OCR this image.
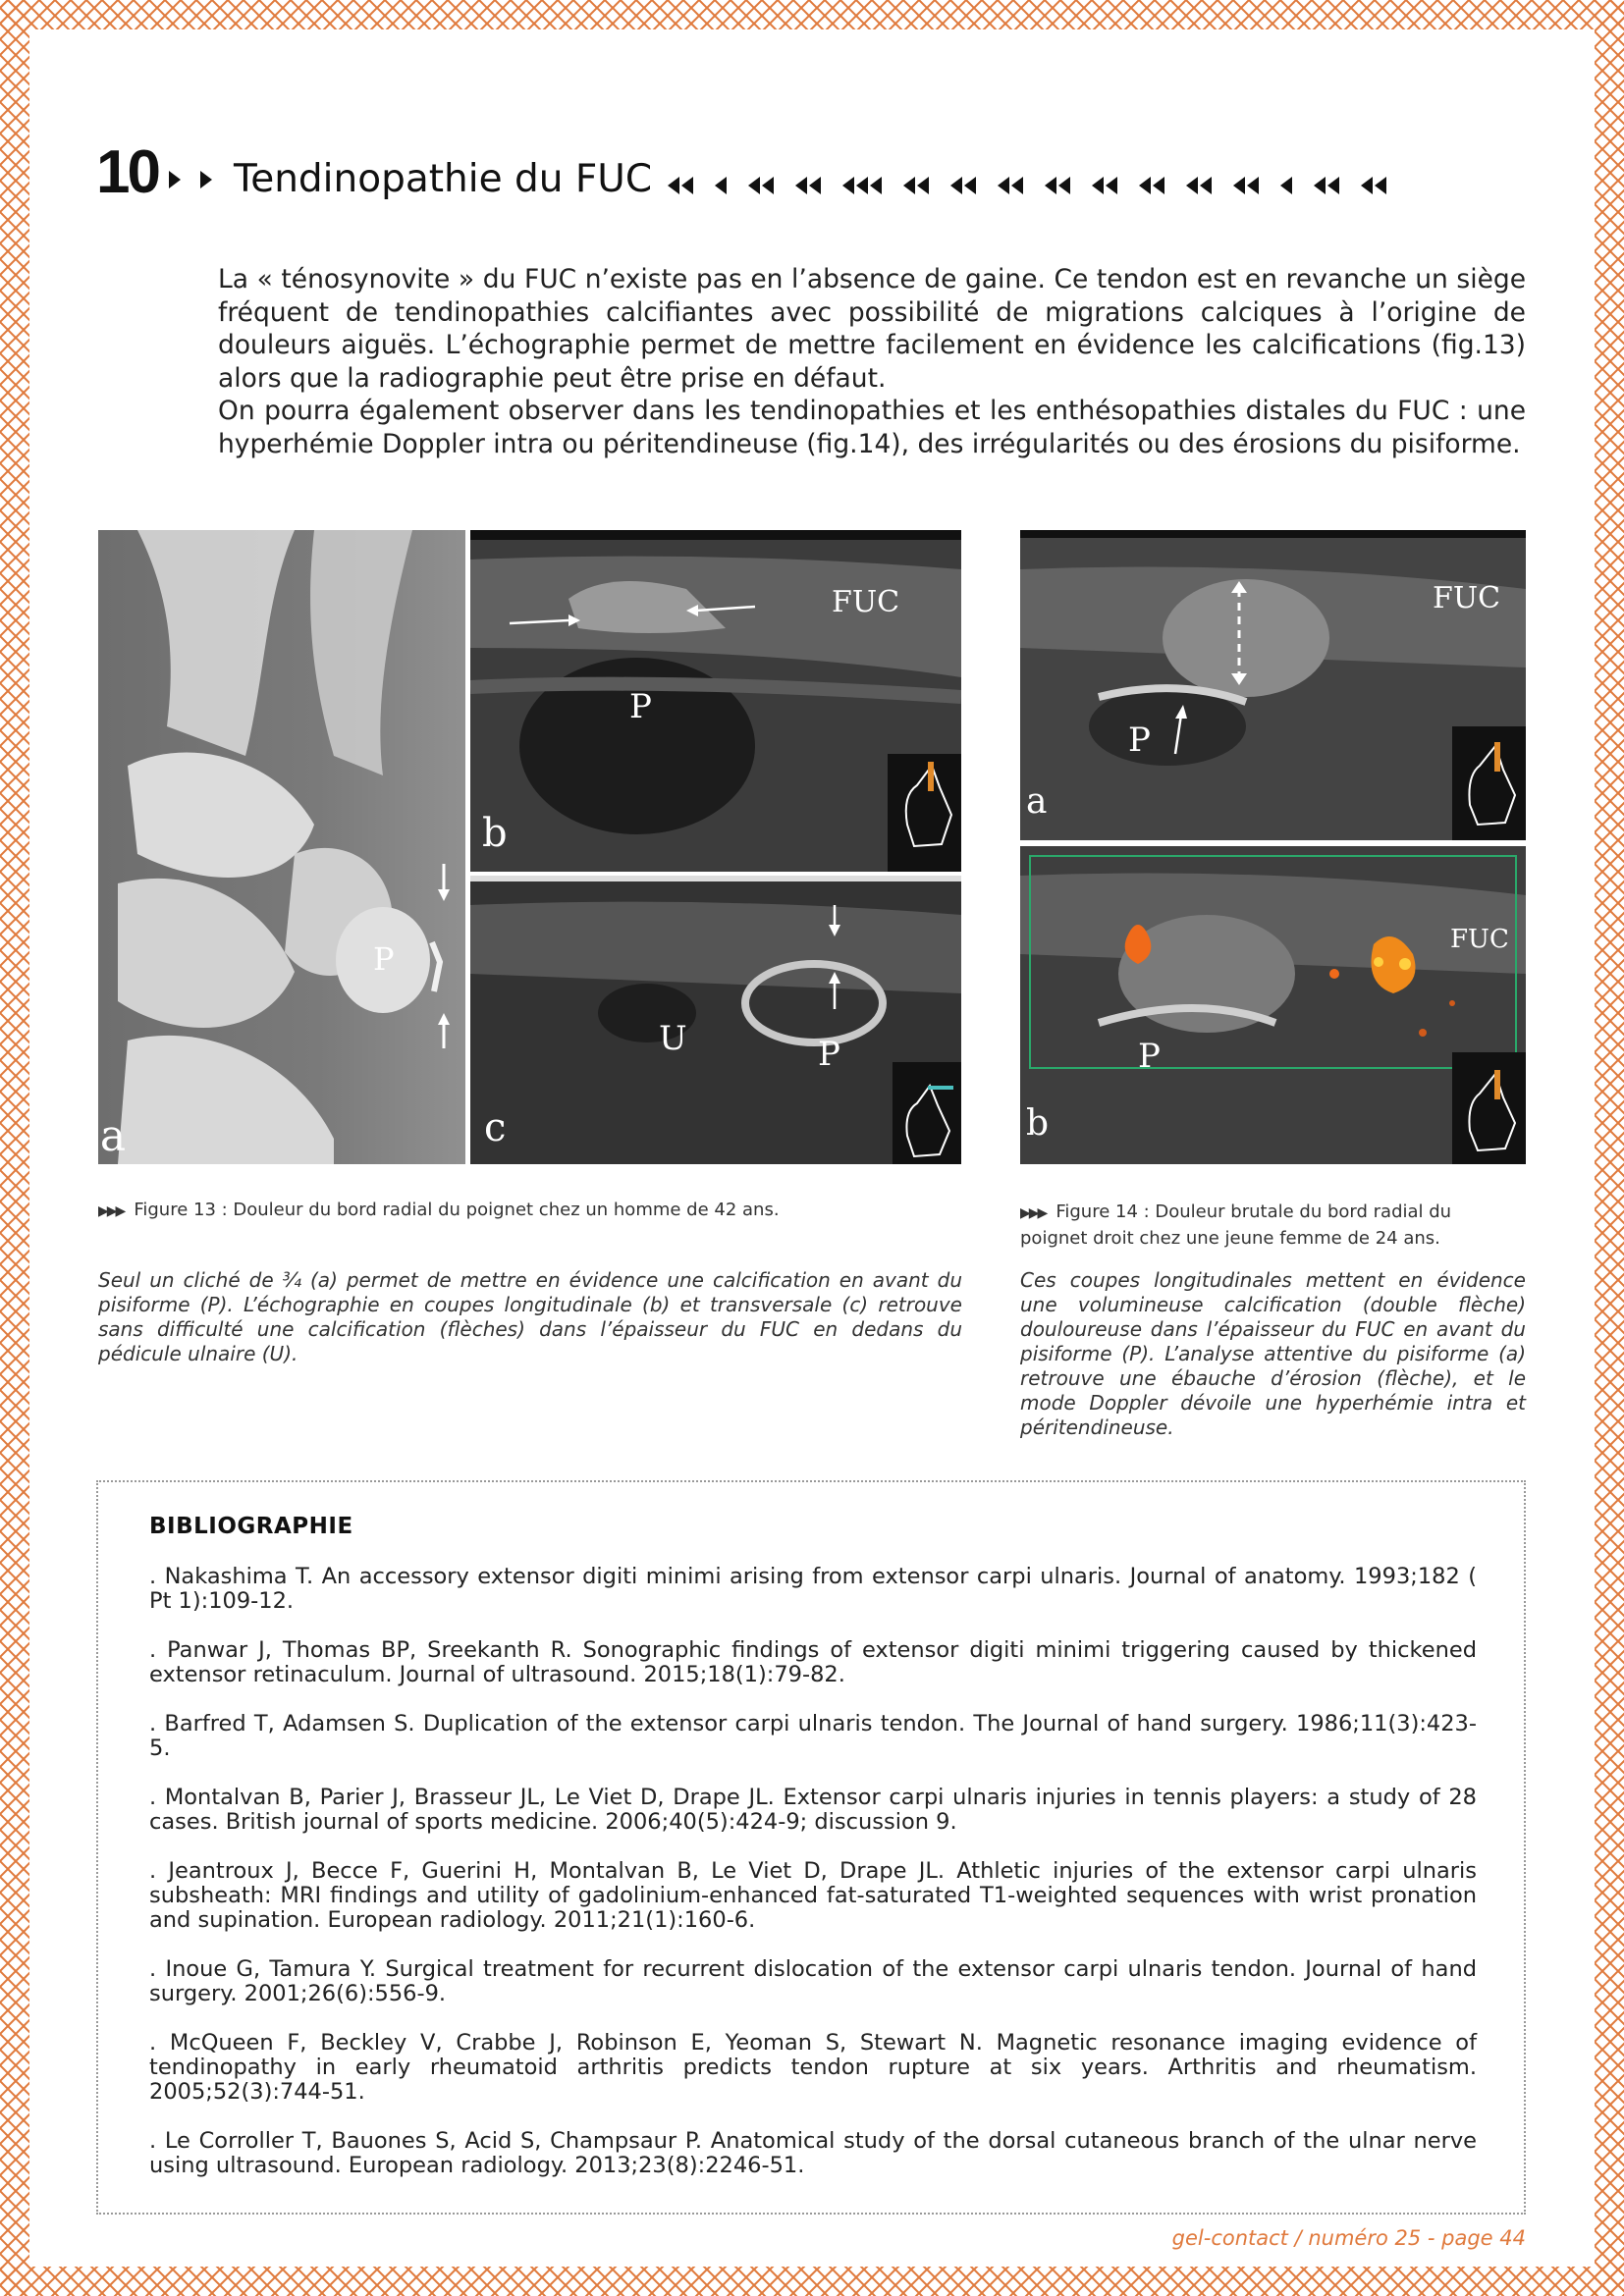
10 Tendinopathie du FUC

La « ténosynovite » du FUC n’existe pas en l’absence de gaine. Ce tendon est en revanche un siège fréquent de tendinopathies calcifiantes avec possibilité de migrations calciques à l’origine de douleurs aiguës. L’échographie permet de mettre facilement en évidence les calcifications (fig.13) alors que la radiographie peut être prise en défaut.

On pourra également observer dans les tendinopathies et les enthésopathies distales du FUC : une hyperhémie Doppler intra ou péritendineuse (fig.14), des irrégularités ou des érosions du pisiforme.

P
a
FUC
P
b
U	P
c
FUC
P
a
FUC
P
b
▶▶▶ Figure 13 : Douleur du bord radial du poignet chez un homme de 42 ans.
Seul un cliché de ¾ (a) permet de mettre en évidence une calcification en avant du pisiforme (P). L’échographie en coupes longitudinale (b) et transversale (c) retrouve sans difficulté une calcification (flèches) dans l’épaisseur du FUC en dedans du pédicule ulnaire (U).
▶▶▶ Figure 14 : Douleur brutale du bord radial du
poignet droit chez une jeune femme de 24 ans.
Ces coupes longitudinales mettent en évidence une volumineuse calcification (double flèche) douloureuse dans l’épaisseur du FUC en avant du pisiforme (P). L’analyse attentive du pisiforme (a) retrouve une ébauche d’érosion (flèche), et le mode Doppler dévoile une hyperhémie intra et péritendineuse.
BIBLIOGRAPHIE
. Nakashima T. An accessory extensor digiti minimi arising from extensor carpi ulnaris. Journal of anatomy. 1993;182 ( Pt 1):109-12.
. Panwar J, Thomas BP, Sreekanth R. Sonographic findings of extensor digiti minimi triggering caused by thickened extensor retinaculum. Journal of ultrasound. 2015;18(1):79-82.
. Barfred T, Adamsen S. Duplication of the extensor carpi ulnaris tendon. The Journal of hand surgery. 1986;11(3):423-5.
. Montalvan B, Parier J, Brasseur JL, Le Viet D, Drape JL. Extensor carpi ulnaris injuries in tennis players: a study of 28 cases. British journal of sports medicine. 2006;40(5):424-9; discussion 9.
. Jeantroux J, Becce F, Guerini H, Montalvan B, Le Viet D, Drape JL. Athletic injuries of the extensor carpi ulnaris subsheath: MRI findings and utility of gadolinium-enhanced fat-saturated T1-weighted sequences with wrist pronation and supination. European radiology. 2011;21(1):160-6.
. Inoue G, Tamura Y. Surgical treatment for recurrent dislocation of the extensor carpi ulnaris tendon. Journal of hand surgery. 2001;26(6):556-9.
. McQueen F, Beckley V, Crabbe J, Robinson E, Yeoman S, Stewart N. Magnetic resonance imaging evidence of tendinopathy in early rheumatoid arthritis predicts tendon rupture at six years. Arthritis and rheumatism. 2005;52(3):744-51.
. Le Corroller T, Bauones S, Acid S, Champsaur P. Anatomical study of the dorsal cutaneous branch of the ulnar nerve using ultrasound. European radiology. 2013;23(8):2246-51.
gel-contact / numéro 25 - page 44
